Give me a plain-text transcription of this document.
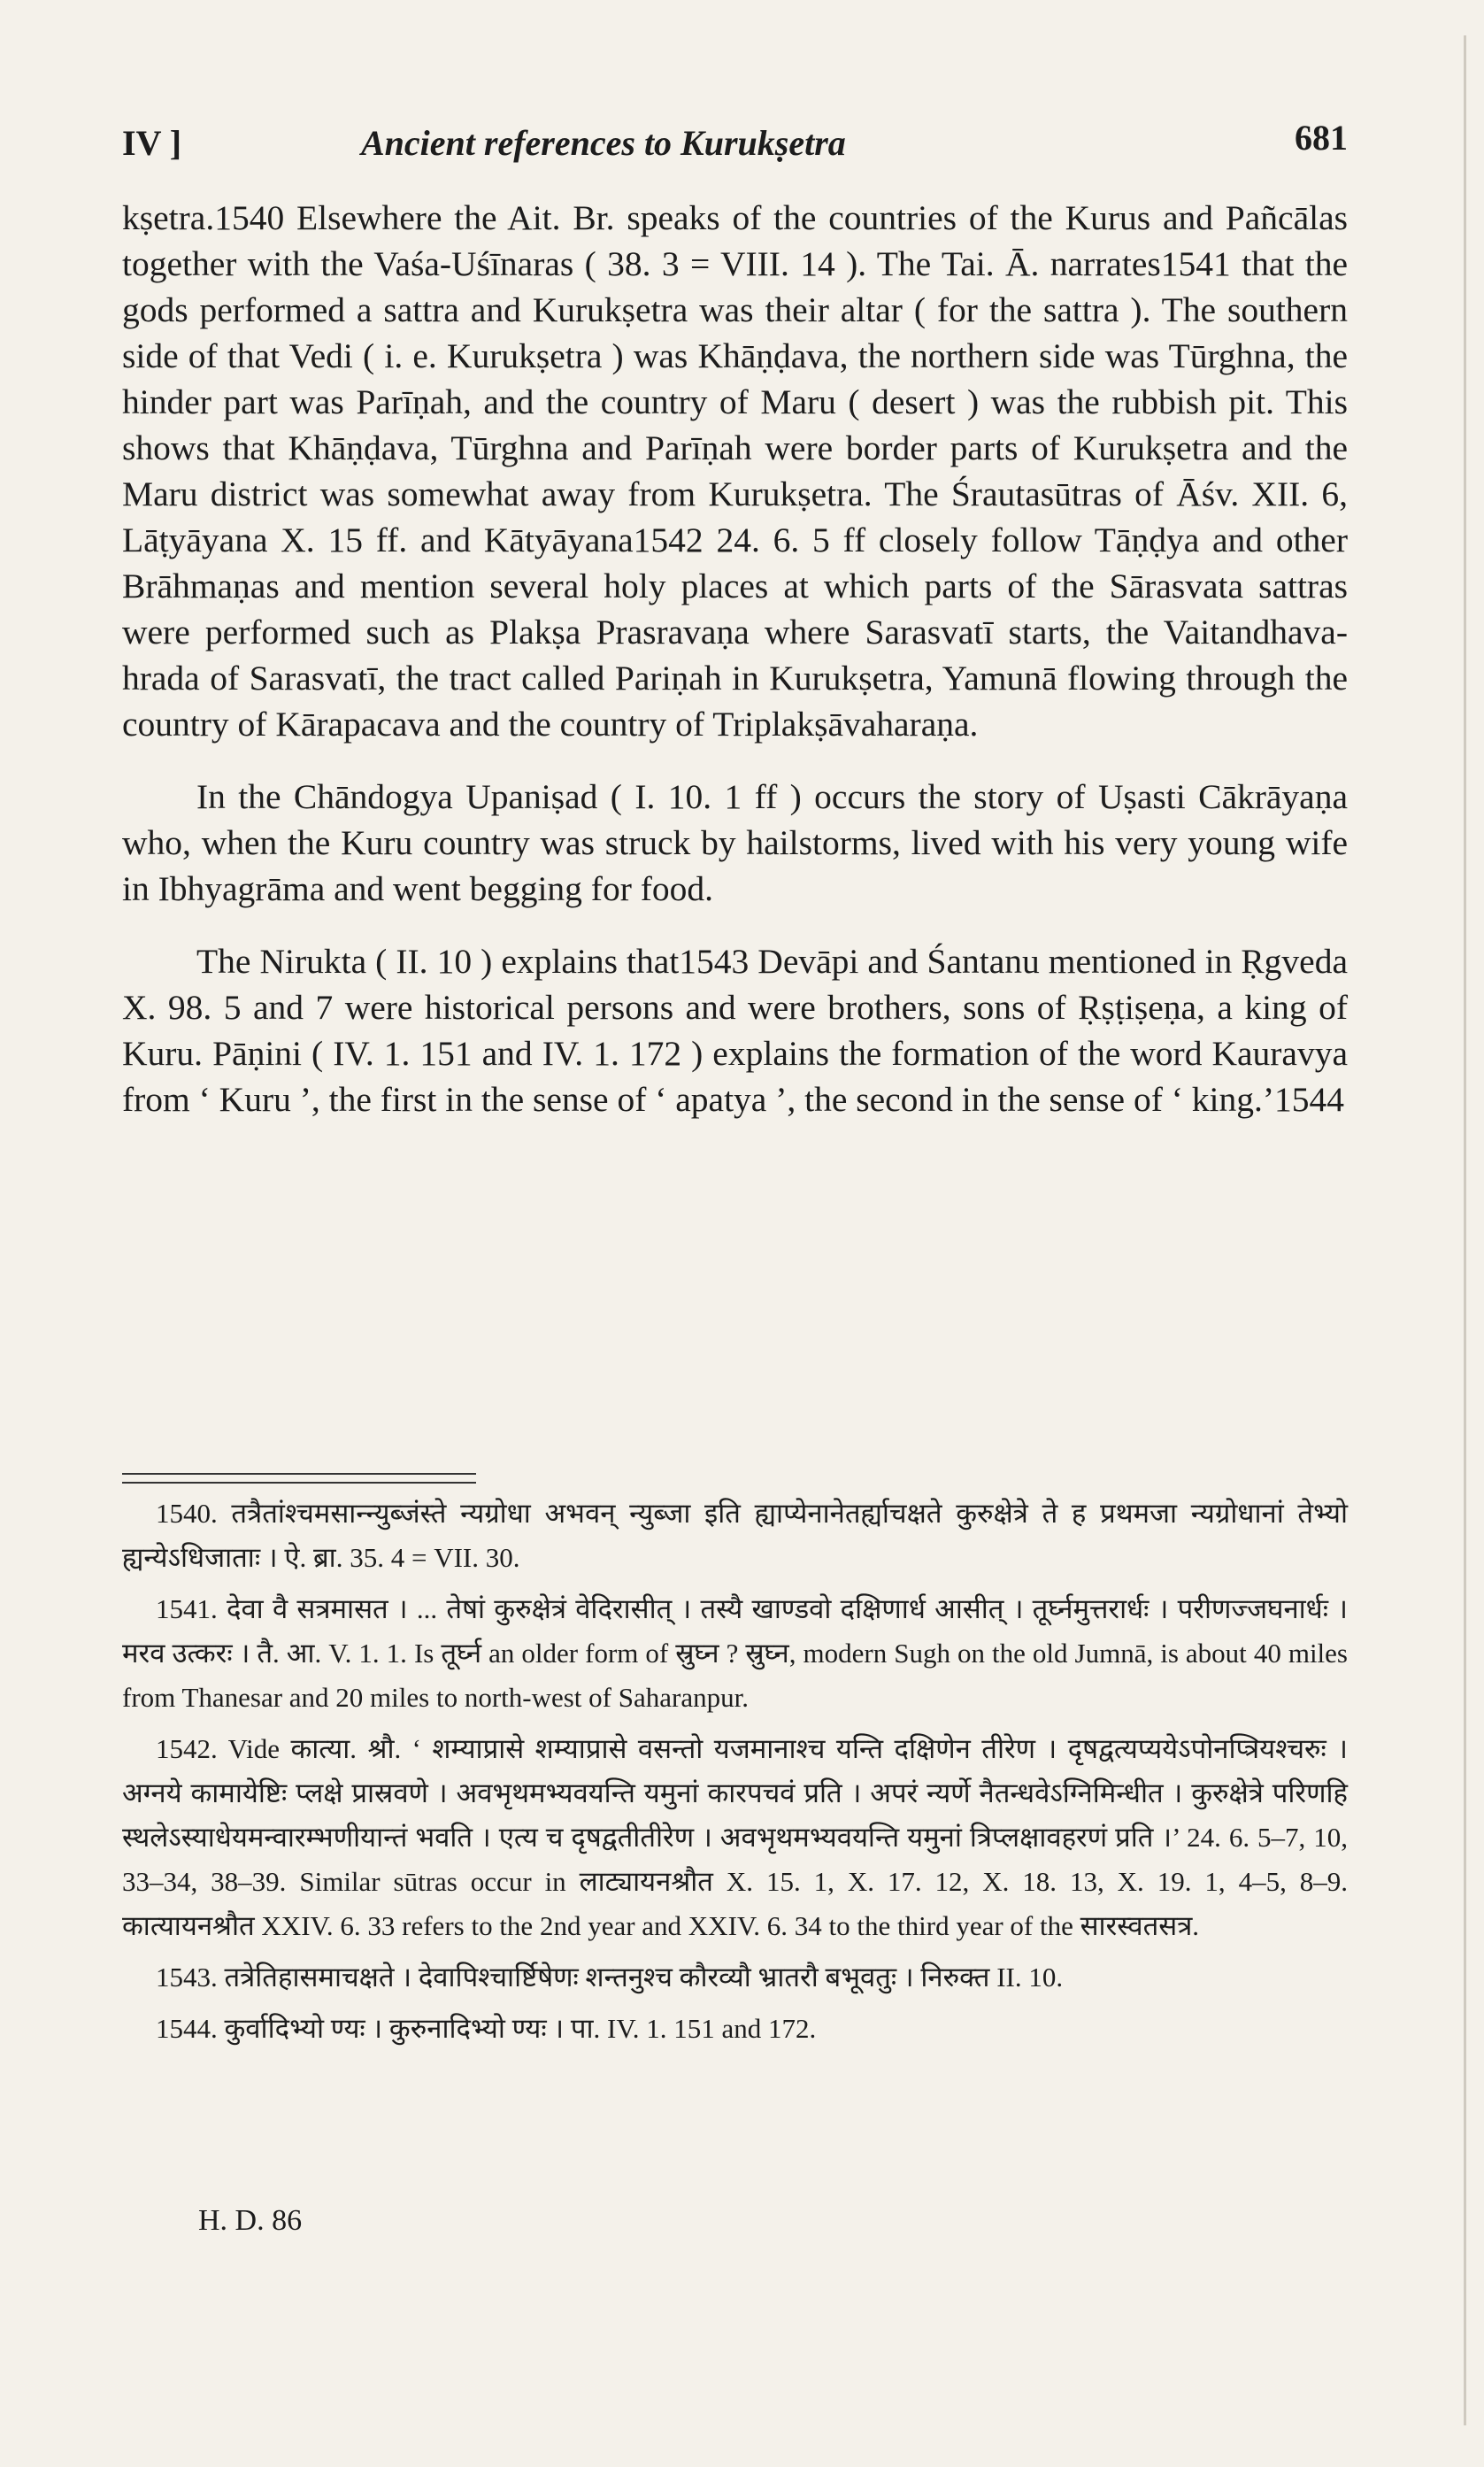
IV ]	Ancient references to Kurukṣetra	681

kṣetra.1540 Elsewhere the Ait. Br. speaks of the countries of the Kurus and Pañcālas together with the Vaśa-Uśīnaras ( 38. 3 = VIII. 14 ). The Tai. Ā. narrates1541 that the gods performed a sattra and Kurukṣetra was their altar ( for the sattra ). The southern side of that Vedi ( i. e. Kurukṣetra ) was Khāṇḍava, the northern side was Tūrghna, the hinder part was Parīṇah, and the country of Maru ( desert ) was the rubbish pit. This shows that Khāṇḍava, Tūrghna and Parīṇah were border parts of Kurukṣetra and the Maru district was somewhat away from Kurukṣetra. The Śrautasūtras of Āśv. XII. 6, Lāṭyāyana X. 15 ff. and Kātyāyana1542 24. 6. 5 ff closely follow Tāṇḍya and other Brāhmaṇas and mention several holy places at which parts of the Sārasvata sattras were performed such as Plakṣa Prasravaṇa where Sarasvatī starts, the Vaitandhava-hrada of Sarasvatī, the tract called Pariṇah in Kurukṣetra, Yamunā flowing through the country of Kārapacava and the country of Triplakṣāvaharaṇa.

In the Chāndogya Upaniṣad ( I. 10. 1 ff ) occurs the story of Uṣasti Cākrāyaṇa who, when the Kuru country was struck by hailstorms, lived with his very young wife in Ibhyagrāma and went begging for food.

The Nirukta ( II. 10 ) explains that1543 Devāpi and Śantanu mentioned in Ṛgveda X. 98. 5 and 7 were historical persons and were brothers, sons of Ṛṣṭiṣeṇa, a king of Kuru. Pāṇini ( IV. 1. 151 and IV. 1. 172 ) explains the formation of the word Kauravya from ‘ Kuru ’, the first in the sense of ‘ apatya ’, the second in the sense of ‘ king.’1544

1540. तत्रैतांश्चमसान्न्युब्जंस्ते न्यग्रोधा अभवन् न्युब्जा इति ह्याप्येनानेतर्ह्याचक्षते कुरुक्षेत्रे ते ह प्रथमजा न्यग्रोधानां तेभ्यो ह्यन्येऽधिजाताः । ऐ. ब्रा. 35. 4 = VII. 30.

1541. देवा वै सत्रमासत । ... तेषां कुरुक्षेत्रं वेदिरासीत् । तस्यै खाण्डवो दक्षिणार्ध आसीत् । तूर्घ्नमुत्तरार्धः । परीणज्जघनार्धः । मरव उत्करः । तै. आ. V. 1. 1. Is तूर्घ्न an older form of स्रुघ्न ? स्रुघ्न, modern Sugh on the old Jumnā, is about 40 miles from Thanesar and 20 miles to north-west of Saharanpur.

1542. Vide कात्या. श्रौ. ‘ शम्याप्रासे शम्याप्रासे वसन्तो यजमानाश्च यन्ति दक्षिणेन तीरेण । दृषद्वत्यप्ययेऽपोनप्त्रियश्चरुः । अग्नये कामायेष्टिः प्लक्षे प्रास्रवणे । अवभृथमभ्यवयन्ति यमुनां कारपचवं प्रति । अपरं न्यर्णे नैतन्धवेऽग्निमिन्धीत । कुरुक्षेत्रे परिणहि स्थलेऽस्याधेयमन्वारम्भणीयान्तं भवति । एत्य च दृषद्वतीतीरेण । अवभृथमभ्यवयन्ति यमुनां त्रिप्लक्षावहरणं प्रति ।’ 24. 6. 5–7, 10, 33–34, 38–39. Similar sūtras occur in लाट्यायनश्रौत X. 15. 1, X. 17. 12, X. 18. 13, X. 19. 1, 4–5, 8–9. कात्यायनश्रौत XXIV. 6. 33 refers to the 2nd year and XXIV. 6. 34 to the third year of the सारस्वतसत्र.

1543. तत्रेतिहासमाचक्षते । देवापिश्चार्ष्टिषेणः शन्तनुश्च कौरव्यौ भ्रातरौ बभूवतुः । निरुक्त II. 10.

1544. कुर्वादिभ्यो ण्यः । कुरुनादिभ्यो ण्यः । पा. IV. 1. 151 and 172.

H. D. 86
